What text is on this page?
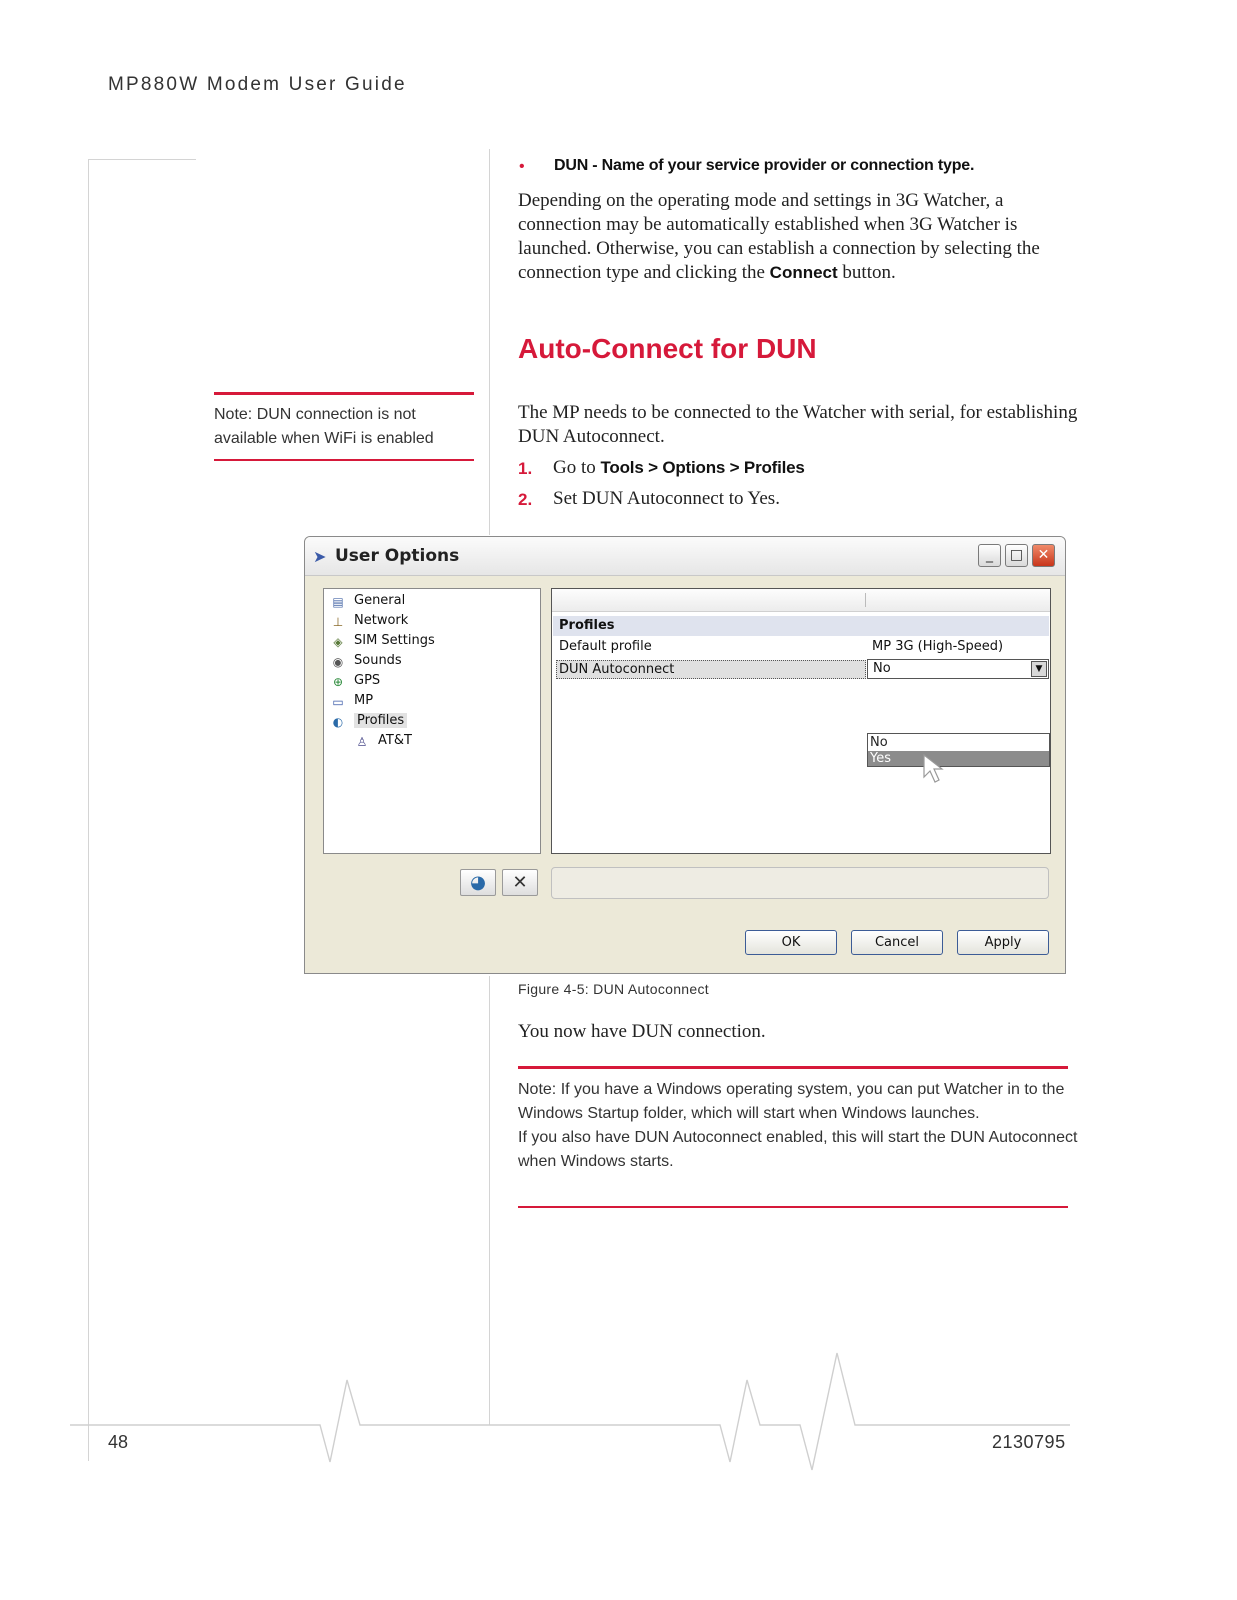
MP880W Modem User Guide
• DUN - Name of your service provider or connection type.
Depending on the operating mode and settings in 3G Watcher, a connection may be automatically established when 3G Watcher is launched. Otherwise, you can establish a connection by selecting the connection type and clicking the Connect button.
Auto-Connect for DUN
Note: DUN connection is not available when WiFi is enabled
The MP needs to be connected to the Watcher with serial, for establishing DUN Autoconnect.
1. Go to Tools > Options > Profiles
2. Set DUN Autoconnect to Yes.
➤ User Options	_	□	✕
▤ General
⊥ Network
◈ SIM Settings
◉ Sounds
⊕ GPS
▭ MP
◐ Profiles
♙ AT&T
Profiles
Default profile	MP 3G (High-Speed)
DUN Autoconnect	No	▼
No
Yes
◕	✕
OK	Cancel	Apply
Figure 4-5: DUN Autoconnect
You now have DUN connection.
Note: If you have a Windows operating system, you can put Watcher in to the Windows Startup folder, which will start when Windows launches.
If you also have DUN Autoconnect enabled, this will start the DUN Autoconnect when Windows starts.
48	2130795
